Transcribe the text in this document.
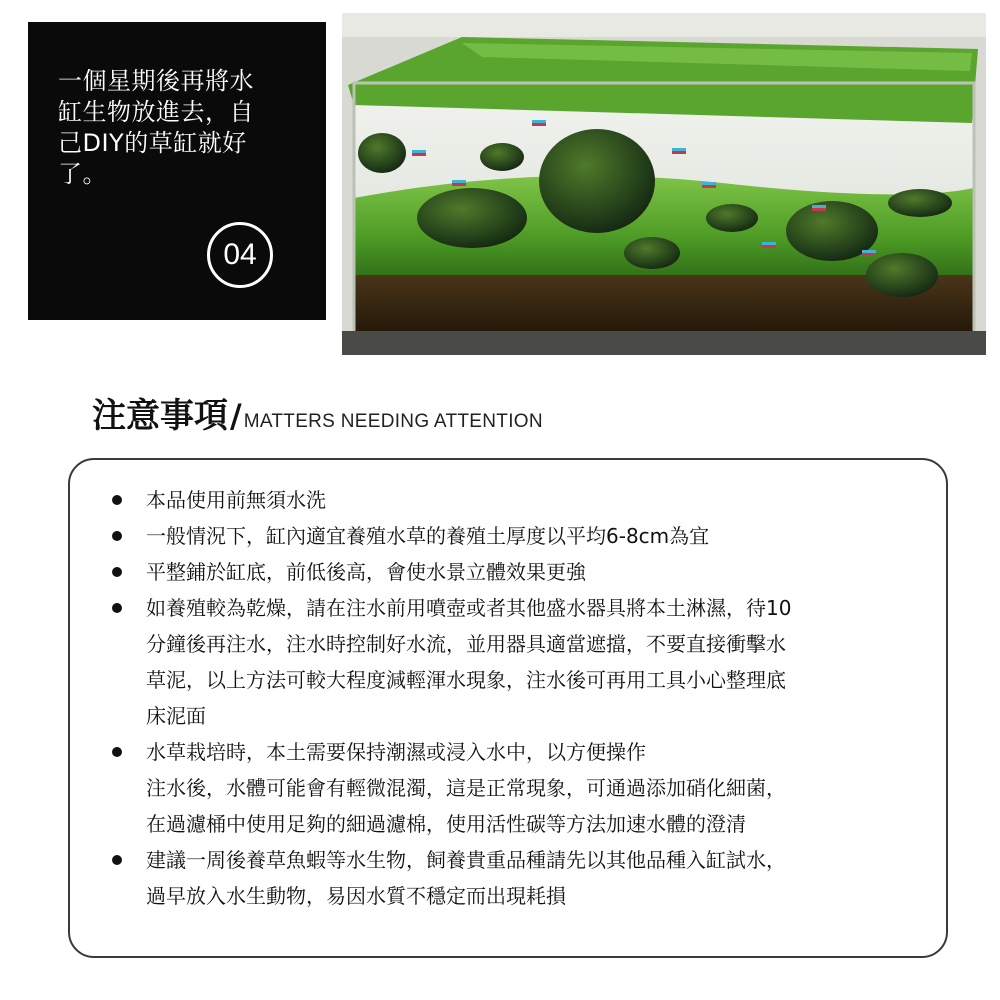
一個星期後再將水
缸生物放進去，自
己DIY的草缸就好
了。
04
注意事項/ MATTERS NEEDING ATTENTION
本品使用前無須水洗
一般情況下，缸內適宜養殖水草的養殖土厚度以平均6-8cm為宜
平整鋪於缸底，前低後高，會使水景立體效果更強
如養殖較為乾燥，請在注水前用噴壺或者其他盛水器具將本土淋濕，待10
分鐘後再注水，注水時控制好水流，並用器具適當遮擋，不要直接衝擊水
草泥，以上方法可較大程度減輕渾水現象，注水後可再用工具小心整理底
床泥面
水草栽培時，本土需要保持潮濕或浸入水中，以方便操作
注水後，水體可能會有輕微混濁，這是正常現象，可通過添加硝化細菌，
在過濾桶中使用足夠的細過濾棉，使用活性碳等方法加速水體的澄清
建議一周後養草魚蝦等水生物，飼養貴重品種請先以其他品種入缸試水，
過早放入水生動物，易因水質不穩定而出現耗損
